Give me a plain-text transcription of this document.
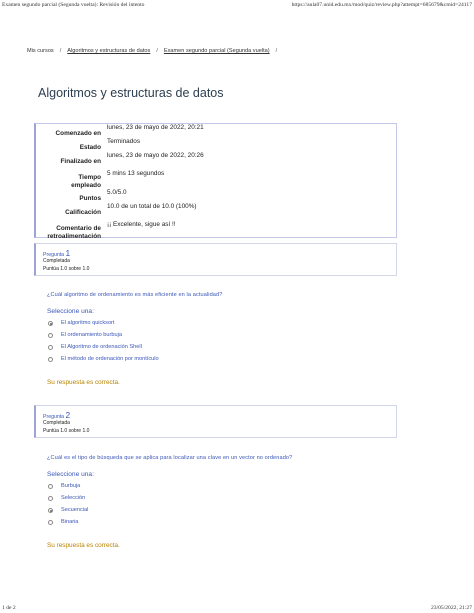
Examen segundo parcial (Segunda vuelta): Revisión del intento	https://aula07.unid.edu.mx/mod/quiz/review.php?attempt=685679&cmid=24117
Mis cursos / Algoritmos y estructuras de datos / Examen segundo parcial (Segunda vuelta) /
Algoritmos y estructuras de datos
Comenzado en
lunes, 23 de mayo de 2022, 20:21
Estado
Terminados
Finalizado en
lunes, 23 de mayo de 2022, 20:26
Tiempo empleado
5 mins 13 segundos
Puntos
5.0/5.0
Calificación
10.0 de un total de 10.0 (100%)
Comentario de retroalimentación
¡¡ Excelente, sigue así !!
Pregunta 1
Completada
Puntúa 1.0 sobre 1.0
¿Cuál algoritmo de ordenamiento es más eficiente en la actualidad?
Seleccione una:
El algoritmo quicksort
El ordenamiento burbuja
El Algoritmo de ordenación Shell
El método de ordenación por montículo
Su respuesta es correcta.
Pregunta 2
Completada
Puntúa 1.0 sobre 1.0
¿Cuál es el tipo de búsqueda que se aplica para localizar una clave en un vector no ordenado?
Seleccione una:
Burbuja
Selección
Secuencial
Binaria
Su respuesta es correcta.
1 de 2	23/05/2022, 21:27
